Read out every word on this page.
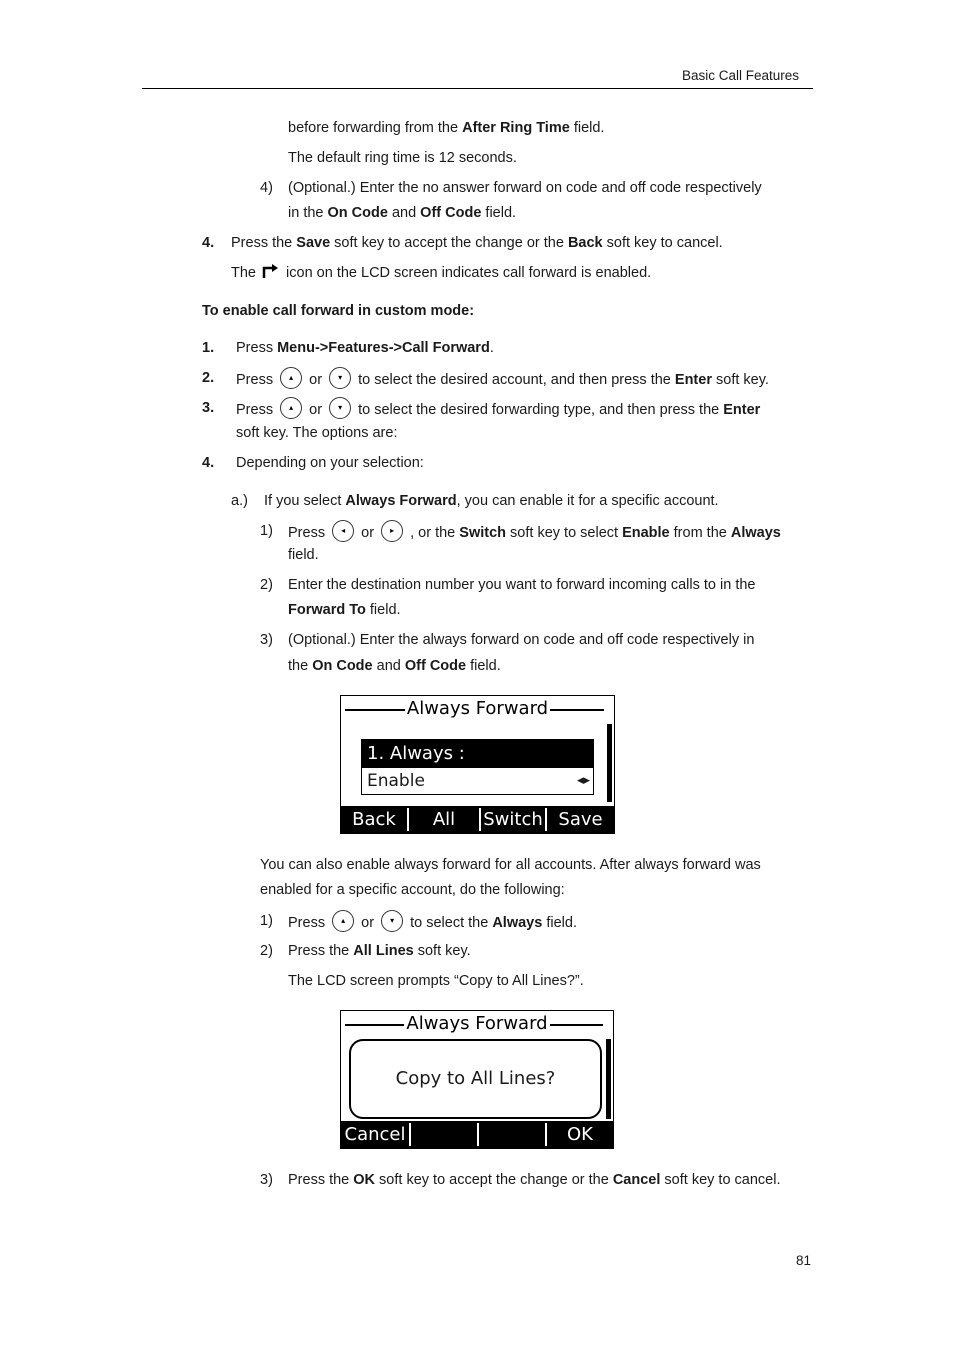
Basic Call Features
before forwarding from the After Ring Time field.
The default ring time is 12 seconds.
4) (Optional.) Enter the no answer forward on code and off code respectively
in the On Code and Off Code field.
4. Press the Save soft key to accept the change or the Back soft key to cancel.
The  icon on the LCD screen indicates call forward is enabled.
To enable call forward in custom mode:
1. Press Menu->Features->Call Forward.
2. Press	▴	or	▾	to select the desired account, and then press the Enter soft key.
3. Press	▴	or	▾	to select the desired forwarding type, and then press the Enter
soft key. The options are:
4. Depending on your selection:
a.) If you select Always Forward, you can enable it for a specific account.
1) Press	◂	or	▸	, or the Switch soft key to select Enable from the Always
field.
2) Enter the destination number you want to forward incoming calls to in the
Forward To field.
3) (Optional.) Enter the always forward on code and off code respectively in
the On Code and Off Code field.
Always Forward
1. Always :
Enable	◂▸
Back	All Lines
Switch Save
You can also enable always forward for all accounts. After always forward was
enabled for a specific account, do the following:
1) Press	▴	or	▾	to select the Always field.
2) Press the All Lines soft key.
The LCD screen prompts “Copy to All Lines?”.
Always Forward
Copy to All Lines?
Cancel	OK
3) Press the OK soft key to accept the change or the Cancel soft key to cancel.
81
